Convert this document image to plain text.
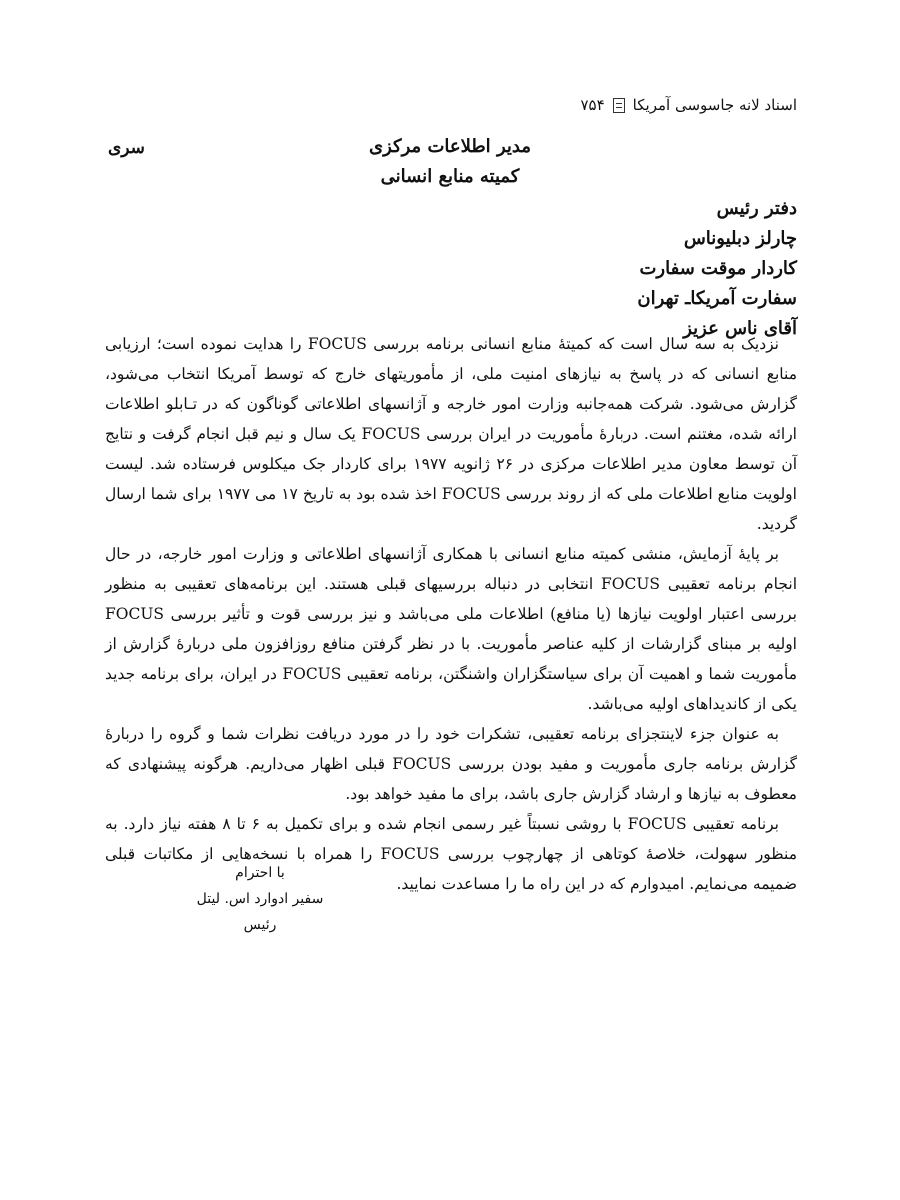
اسناد لانه جاسوسی آمریکا
۷۵۴
مدیر اطلاعات مرکزی
کمیته منابع انسانی
سری
دفتر رئیس
چارلز دبلیوناس
کاردار موقت سفارت
سفارت آمریکاـ تهران
آقای ناس عزیز

نزدیک به سه سال است که کمیتهٔ منابع انسانی برنامه بررسی FOCUS را هدایت نموده است؛ ارزیابی منابع انسانی که در پاسخ به نیازهای امنیت ملی، از مأموریتهای خارج که توسط آمریکا انتخاب می‌شود، گزارش می‌شود. شرکت همه‌جانبه وزارت امور خارجه و آژانسهای اطلاعاتی گوناگون که در تـابلو اطلاعات ارائه شده، مغتنم است. دربارهٔ مأموریت در ایران بررسی FOCUS یک سال و نیم قبل انجام گرفت و نتایج آن توسط معاون مدیر اطلاعات مرکزی در ۲۶ ژانویه ۱۹۷۷ برای کاردار جک میکلوس فرستاده شد. لیست اولویت منابع اطلاعات ملی که از روند بررسی FOCUS اخذ شده بود به تاریخ ۱۷ می ۱۹۷۷ برای شما ارسال گردید.

بر پایهٔ آزمایش، منشی کمیته منابع انسانی با همکاری آژانسهای اطلاعاتی و وزارت امور خارجه، در حال انجام برنامه تعقیبی FOCUS انتخابی در دنباله بررسیهای قبلی هستند. این برنامه‌های تعقیبی به منظور بررسی اعتبار اولویت نیازها (یا منافع) اطلاعات ملی می‌باشد و نیز بررسی قوت و تأثیر بررسی FOCUS اولیه بر مبنای گزارشات از کلیه عناصر مأموریت. با در نظر گرفتن منافع روزافزون ملی دربارهٔ گزارش از مأموریت شما و اهمیت آن برای سیاستگزاران واشنگتن، برنامه تعقیبی FOCUS در ایران، برای برنامه جدید یکی از کاندیداهای اولیه می‌باشد.

به عنوان جزء لاینتجزای برنامه تعقیبی، تشکرات خود را در مورد دریافت نظرات شما و گروه را دربارهٔ گزارش برنامه جاری مأموریت و مفید بودن بررسی FOCUS قبلی اظهار می‌داریم. هرگونه پیشنهادی که معطوف به نیازها و ارشاد گزارش جاری باشد، برای ما مفید خواهد بود.

برنامه تعقیبی FOCUS با روشی نسبتاً غیر رسمی انجام شده و برای تکمیل به ۶ تا ۸ هفته نیاز دارد. به منظور سهولت، خلاصهٔ کوتاهی از چهارچوب بررسی FOCUS را همراه با نسخه‌هایی از مکاتبات قبلی ضمیمه می‌نمایم. امیدوارم که در این راه ما را مساعدت نمایید.

با احترام
سفیر ادوارد اس. لیتل
رئیس
